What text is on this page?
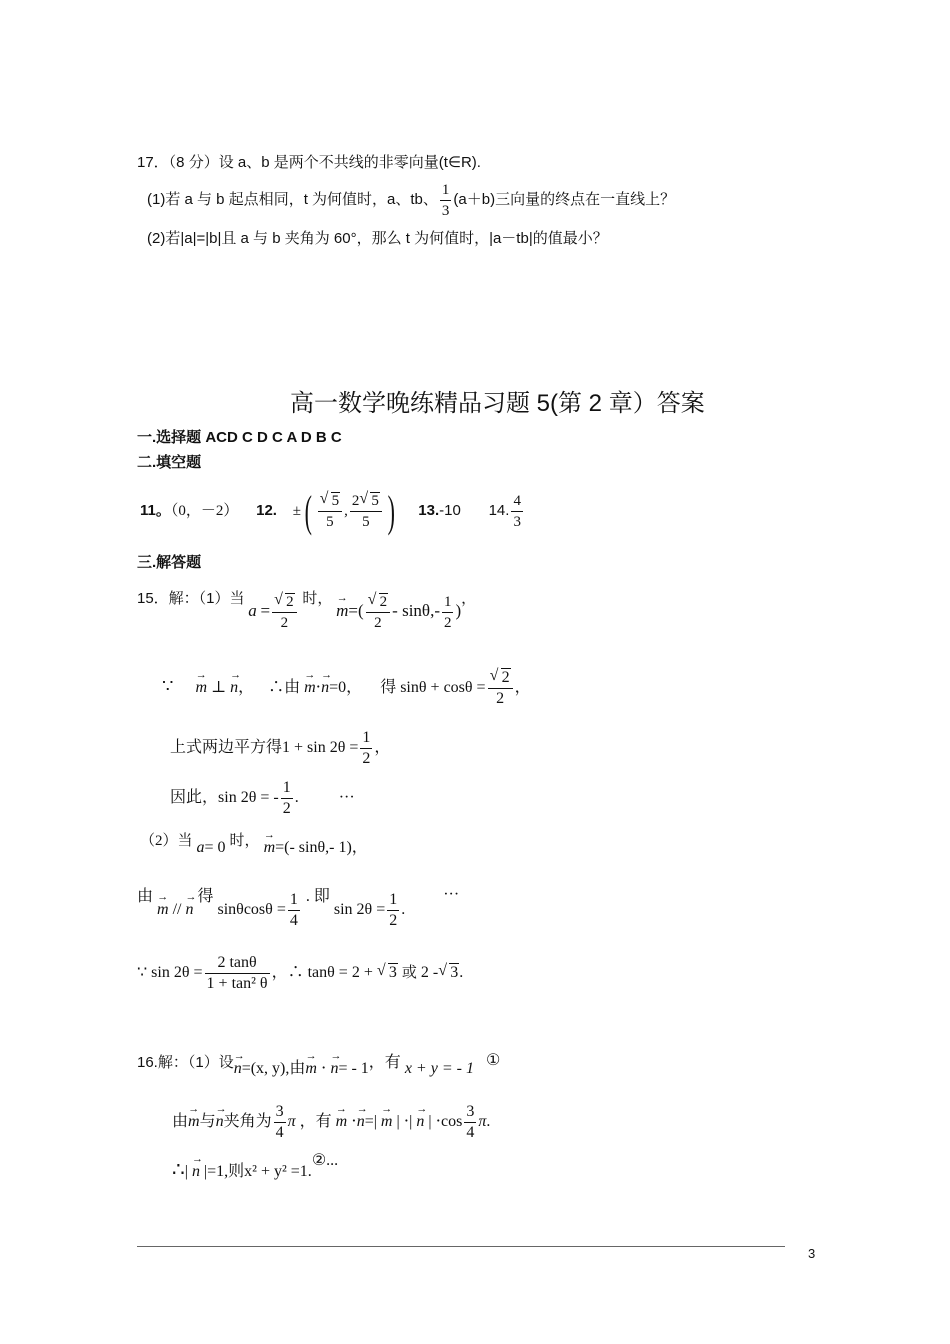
17．（8 分）设 a、b 是两个不共线的非零向量(t∈R).
(1)若 a 与 b 起点相同，t 为何值时，a、tb、 $\frac{1}{3} (a+b)$三向量的终点在一直线上？
(2)若|a|=|b|且 a 与 b 夹角为 60°，那么 t 为何值时，|a－tb|的值最小？
高一数学晚练精品习题 5(第 2 章）答案
一.选择题 ACD C D C A D B C
二.填空题
11。（0，－2） 12. ±( √ $\frac{5}{5}$ , $\frac{2 √ 5}{5}$ ) 13.-10 14. $\frac{4}{3}$
三.解答题
15．解：（1）当 a = √ $\frac{2}{2}$ 时， m →=( √ $\frac{2}{2} - \sin\theta,- \frac{1}{2}$ )，
∵ m → ⊥ n →， ∴由 m →⋅n →=0， 得 sinθ + cosθ = √ $\frac{2}{2}$ ，
上式两边平方得$1 + \sin 2\theta = \frac{1}{2}$ ，
因此，sin 2θ = - $\frac{1}{2}$ .	···
（2）当 a= 0 时， m →=(- sinθ,- 1)，
由 m → // n → 得 $\sin\theta\cos\theta = \frac{1}{4}$ . 即 $\sin 2\theta = \frac{1}{2}$ . ···
∵ $\sin 2\theta = \frac{2 \tan\theta}{\text{1 + tan² θ}}$ ，∴ tanθ = 2 + √ 3 或 2 - √ 3.
16.解：（1）设n →=(x, y),由m → ⋅ n →= - 1，有 x + y = - 1 ①
由m →与n →夹角为 $\frac{3}{4}$ π ，有 m → ⋅n →=| m → | ⋅| n → | $\cdot\cos \frac{3}{4} \pi$.
∴| n → |=1,则x² + y² =1.②...
3
